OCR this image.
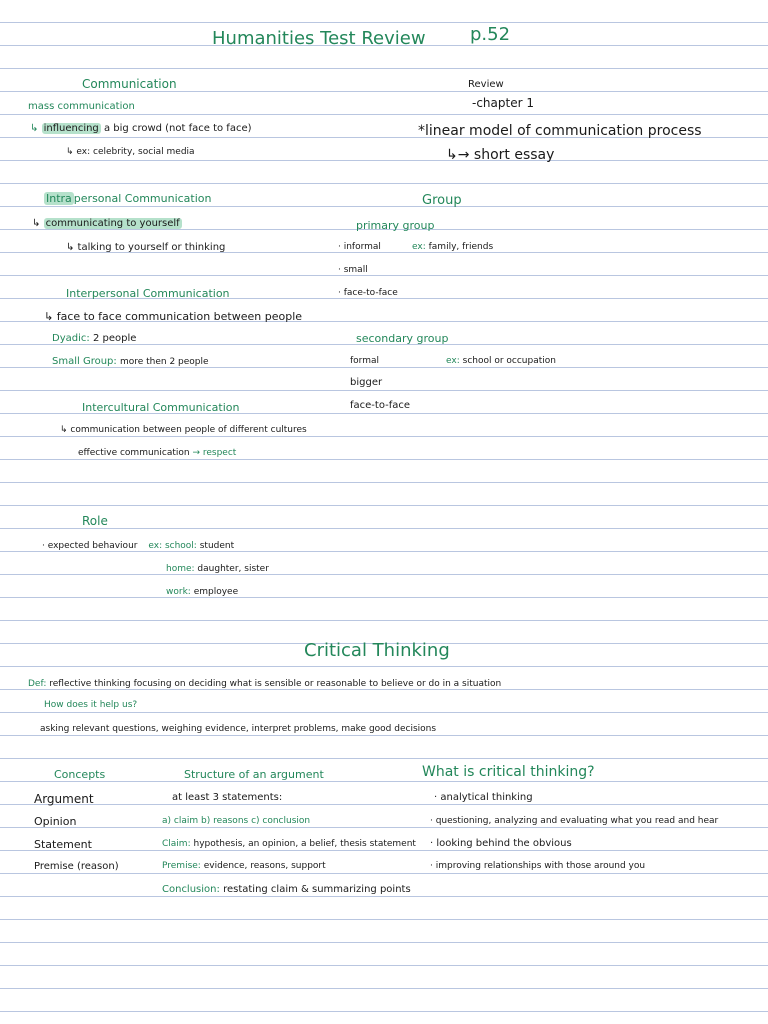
Humanities Test Review p.52
Review
-chapter 1
*linear model of communication process
↳→ short essay
Communication
mass communication
↳ influencing a big crowd (not face to face)
↳ ex: celebrity, social media
Intra personal Communication
↳ communicating to yourself
↳ talking to yourself or thinking
Interpersonal Communication
↳ face to face communication between people
Dyadic: 2 people
Small Group: more then 2 people
Intercultural Communication
↳ communication between people of different cultures
effective communication → respect
Group
primary group
· informal	ex: family, friends
· small
· face-to-face
secondary group
formal	ex: school or occupation
bigger
face-to-face
Role
· expected behaviour ex: school: student
home: daughter, sister
work: employee
Critical Thinking
Def: reflective thinking focusing on deciding what is sensible or reasonable to believe or do in a situation
How does it help us?
asking relevant questions, weighing evidence, interpret problems, make good decisions
Concepts
Argument
Opinion
Statement
Premise (reason)
Structure of an argument
at least 3 statements:
a) claim b) reasons c) conclusion
Claim: hypothesis, an opinion, a belief, thesis statement
Premise: evidence, reasons, support
Conclusion: restating claim & summarizing points
What is critical thinking?
· analytical thinking
· questioning, analyzing and evaluating what you read and hear
· looking behind the obvious
· improving relationships with those around you
